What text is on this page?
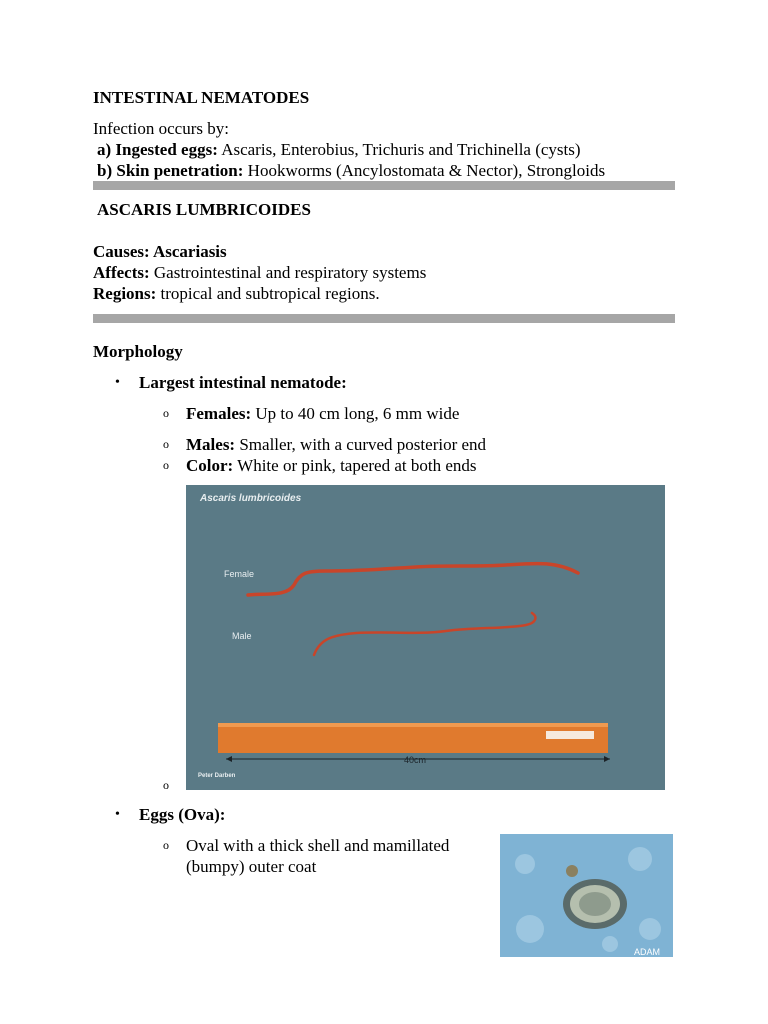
INTESTINAL NEMATODES
Infection occurs by:
a) Ingested eggs: Ascaris, Enterobius, Trichuris and Trichinella (cysts)
b) Skin penetration: Hookworms (Ancylostomata & Nector), Strongloids
ASCARIS LUMBRICOIDES
Causes: Ascariasis
Affects: Gastrointestinal and respiratory systems
Regions: tropical and subtropical regions.
Morphology
• Largest intestinal nematode:
o Females: Up to 40 cm long, 6 mm wide
o Males: Smaller, with a curved posterior end
o Color: White or pink, tapered at both ends
Ascaris lumbricoides
Female
Male
40cm
Peter Darben
o
• Eggs (Ova):
o Oval with a thick shell and mamillated
(bumpy) outer coat
ADAM
